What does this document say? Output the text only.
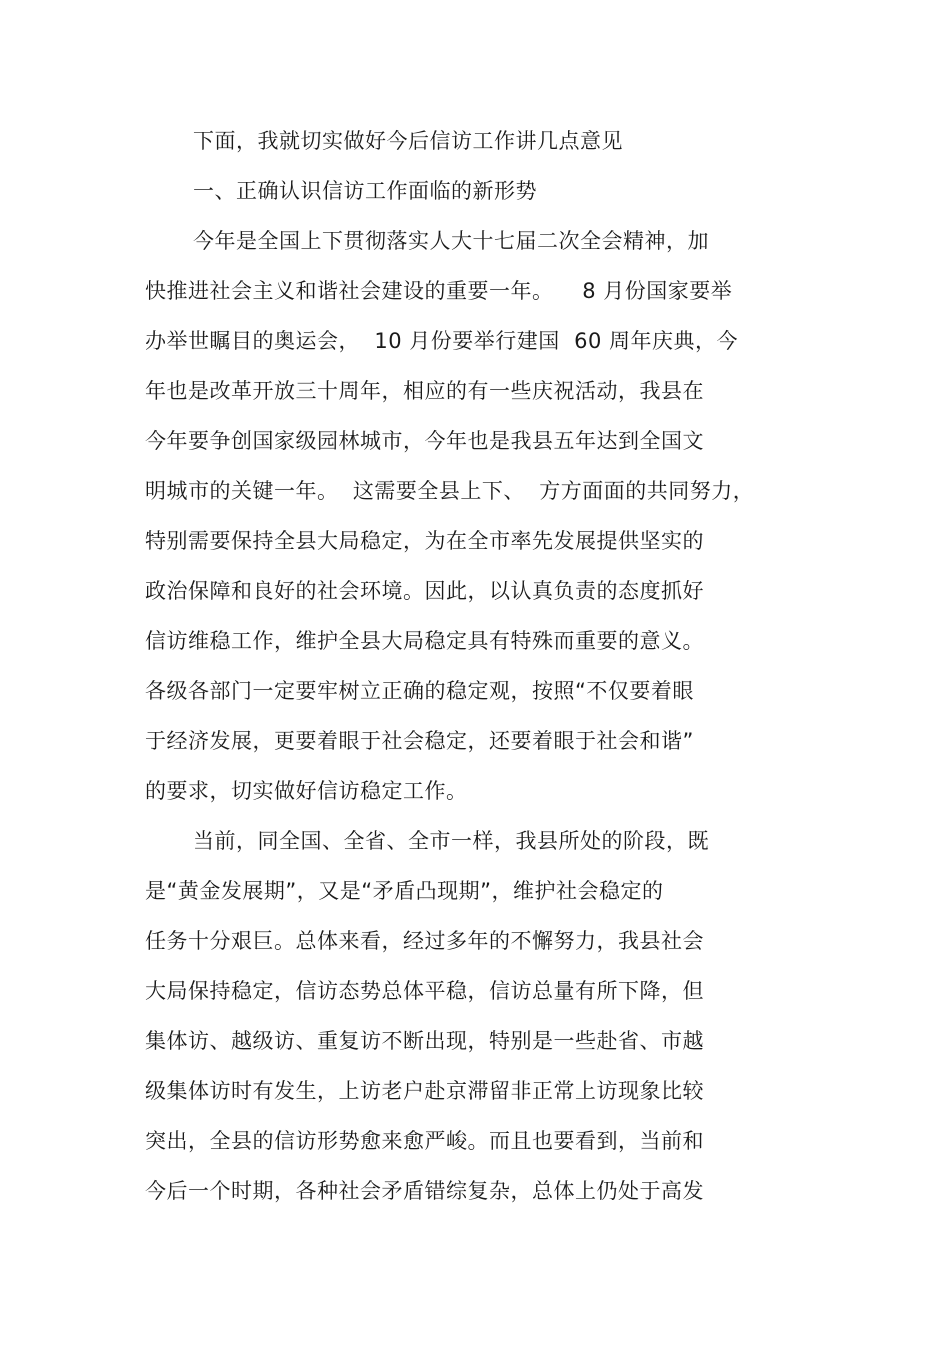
下面，我就切实做好今后信访工作讲几点意见
一、正确认识信访工作面临的新形势
今年是全国上下贯彻落实人大十七届二次全会精神，加
快推进社会主义和谐社会建设的重要一年。    8 月份国家要举
办举世瞩目的奥运会，  10 月份要举行建国  60 周年庆典，今
年也是改革开放三十周年，相应的有一些庆祝活动，我县在
今年要争创国家级园林城市，今年也是我县五年达到全国文
明城市的关键一年。  这需要全县上下、  方方面面的共同努力，
特别需要保持全县大局稳定，为在全市率先发展提供坚实的
政治保障和良好的社会环境。因此，以认真负责的态度抓好
信访维稳工作，维护全县大局稳定具有特殊而重要的意义。
各级各部门一定要牢树立正确的稳定观，按照“不仅要着眼
于经济发展，更要着眼于社会稳定，还要着眼于社会和谐”
的要求，切实做好信访稳定工作。
当前，同全国、全省、全市一样，我县所处的阶段，既
是“黄金发展期”，又是“矛盾凸现期”，维护社会稳定的
任务十分艰巨。总体来看，经过多年的不懈努力，我县社会
大局保持稳定，信访态势总体平稳，信访总量有所下降，但
集体访、越级访、重复访不断出现，特别是一些赴省、市越
级集体访时有发生，上访老户赴京滞留非正常上访现象比较
突出，全县的信访形势愈来愈严峻。而且也要看到，当前和
今后一个时期，各种社会矛盾错综复杂，总体上仍处于高发
